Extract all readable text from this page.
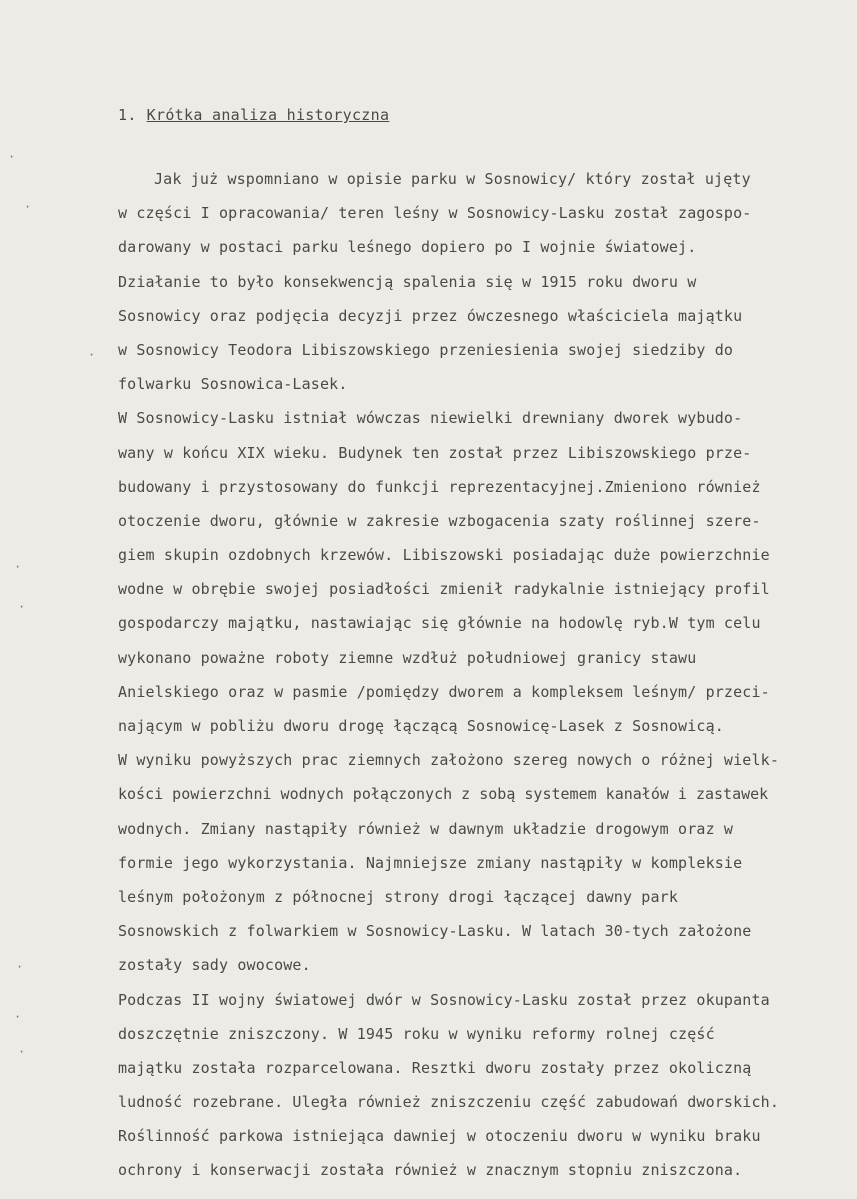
1. Krótka analiza historyczna
Jak już wspomniano w opisie parku w Sosnowicy/ który został ujęty
w części I opracowania/ teren leśny w Sosnowicy-Lasku został zagospo-
darowany w postaci parku leśnego dopiero po I wojnie światowej.
Działanie to było konsekwencją spalenia się w 1915 roku dworu w
Sosnowicy oraz podjęcia decyzji przez ówczesnego właściciela majątku
w Sosnowicy Teodora Libiszowskiego przeniesienia swojej siedziby do
folwarku Sosnowica-Lasek.
W Sosnowicy-Lasku istniał wówczas niewielki drewniany dworek wybudo-
wany w końcu XIX wieku. Budynek ten został przez Libiszowskiego prze-
budowany i przystosowany do funkcji reprezentacyjnej.Zmieniono również
otoczenie dworu, głównie w zakresie wzbogacenia szaty roślinnej szere-
giem skupin ozdobnych krzewów. Libiszowski posiadając duże powierzchnie
wodne w obrębie swojej posiadłości zmienił radykalnie istniejący profil
gospodarczy majątku, nastawiając się głównie na hodowlę ryb.W tym celu
wykonano poważne roboty ziemne wzdłuż południowej granicy stawu
Anielskiego oraz w pasmie /pomiędzy dworem a kompleksem leśnym/ przeci-
nającym w pobliżu dworu drogę łączącą Sosnowicę-Lasek z Sosnowicą.
W wyniku powyższych prac ziemnych założono szereg nowych o różnej wielk-
kości powierzchni wodnych połączonych z sobą systemem kanałów i zastawek
wodnych. Zmiany nastąpiły również w dawnym układzie drogowym oraz w
formie jego wykorzystania. Najmniejsze zmiany nastąpiły w kompleksie
leśnym położonym z północnej strony drogi łączącej dawny park
Sosnowskich z folwarkiem w Sosnowicy-Lasku. W latach 30-tych założone
zostały sady owocowe.
Podczas II wojny światowej dwór w Sosnowicy-Lasku został przez okupanta
doszczętnie zniszczony. W 1945 roku w wyniku reformy rolnej część
majątku została rozparcelowana. Resztki dworu zostały przez okoliczną
ludność rozebrane. Uległa również zniszczeniu część zabudowań dworskich.
Roślinność parkowa istniejąca dawniej w otoczeniu dworu w wyniku braku
ochrony i konserwacji została również w znacznym stopniu zniszczona.
·
·
·
·
·
·
·
·
